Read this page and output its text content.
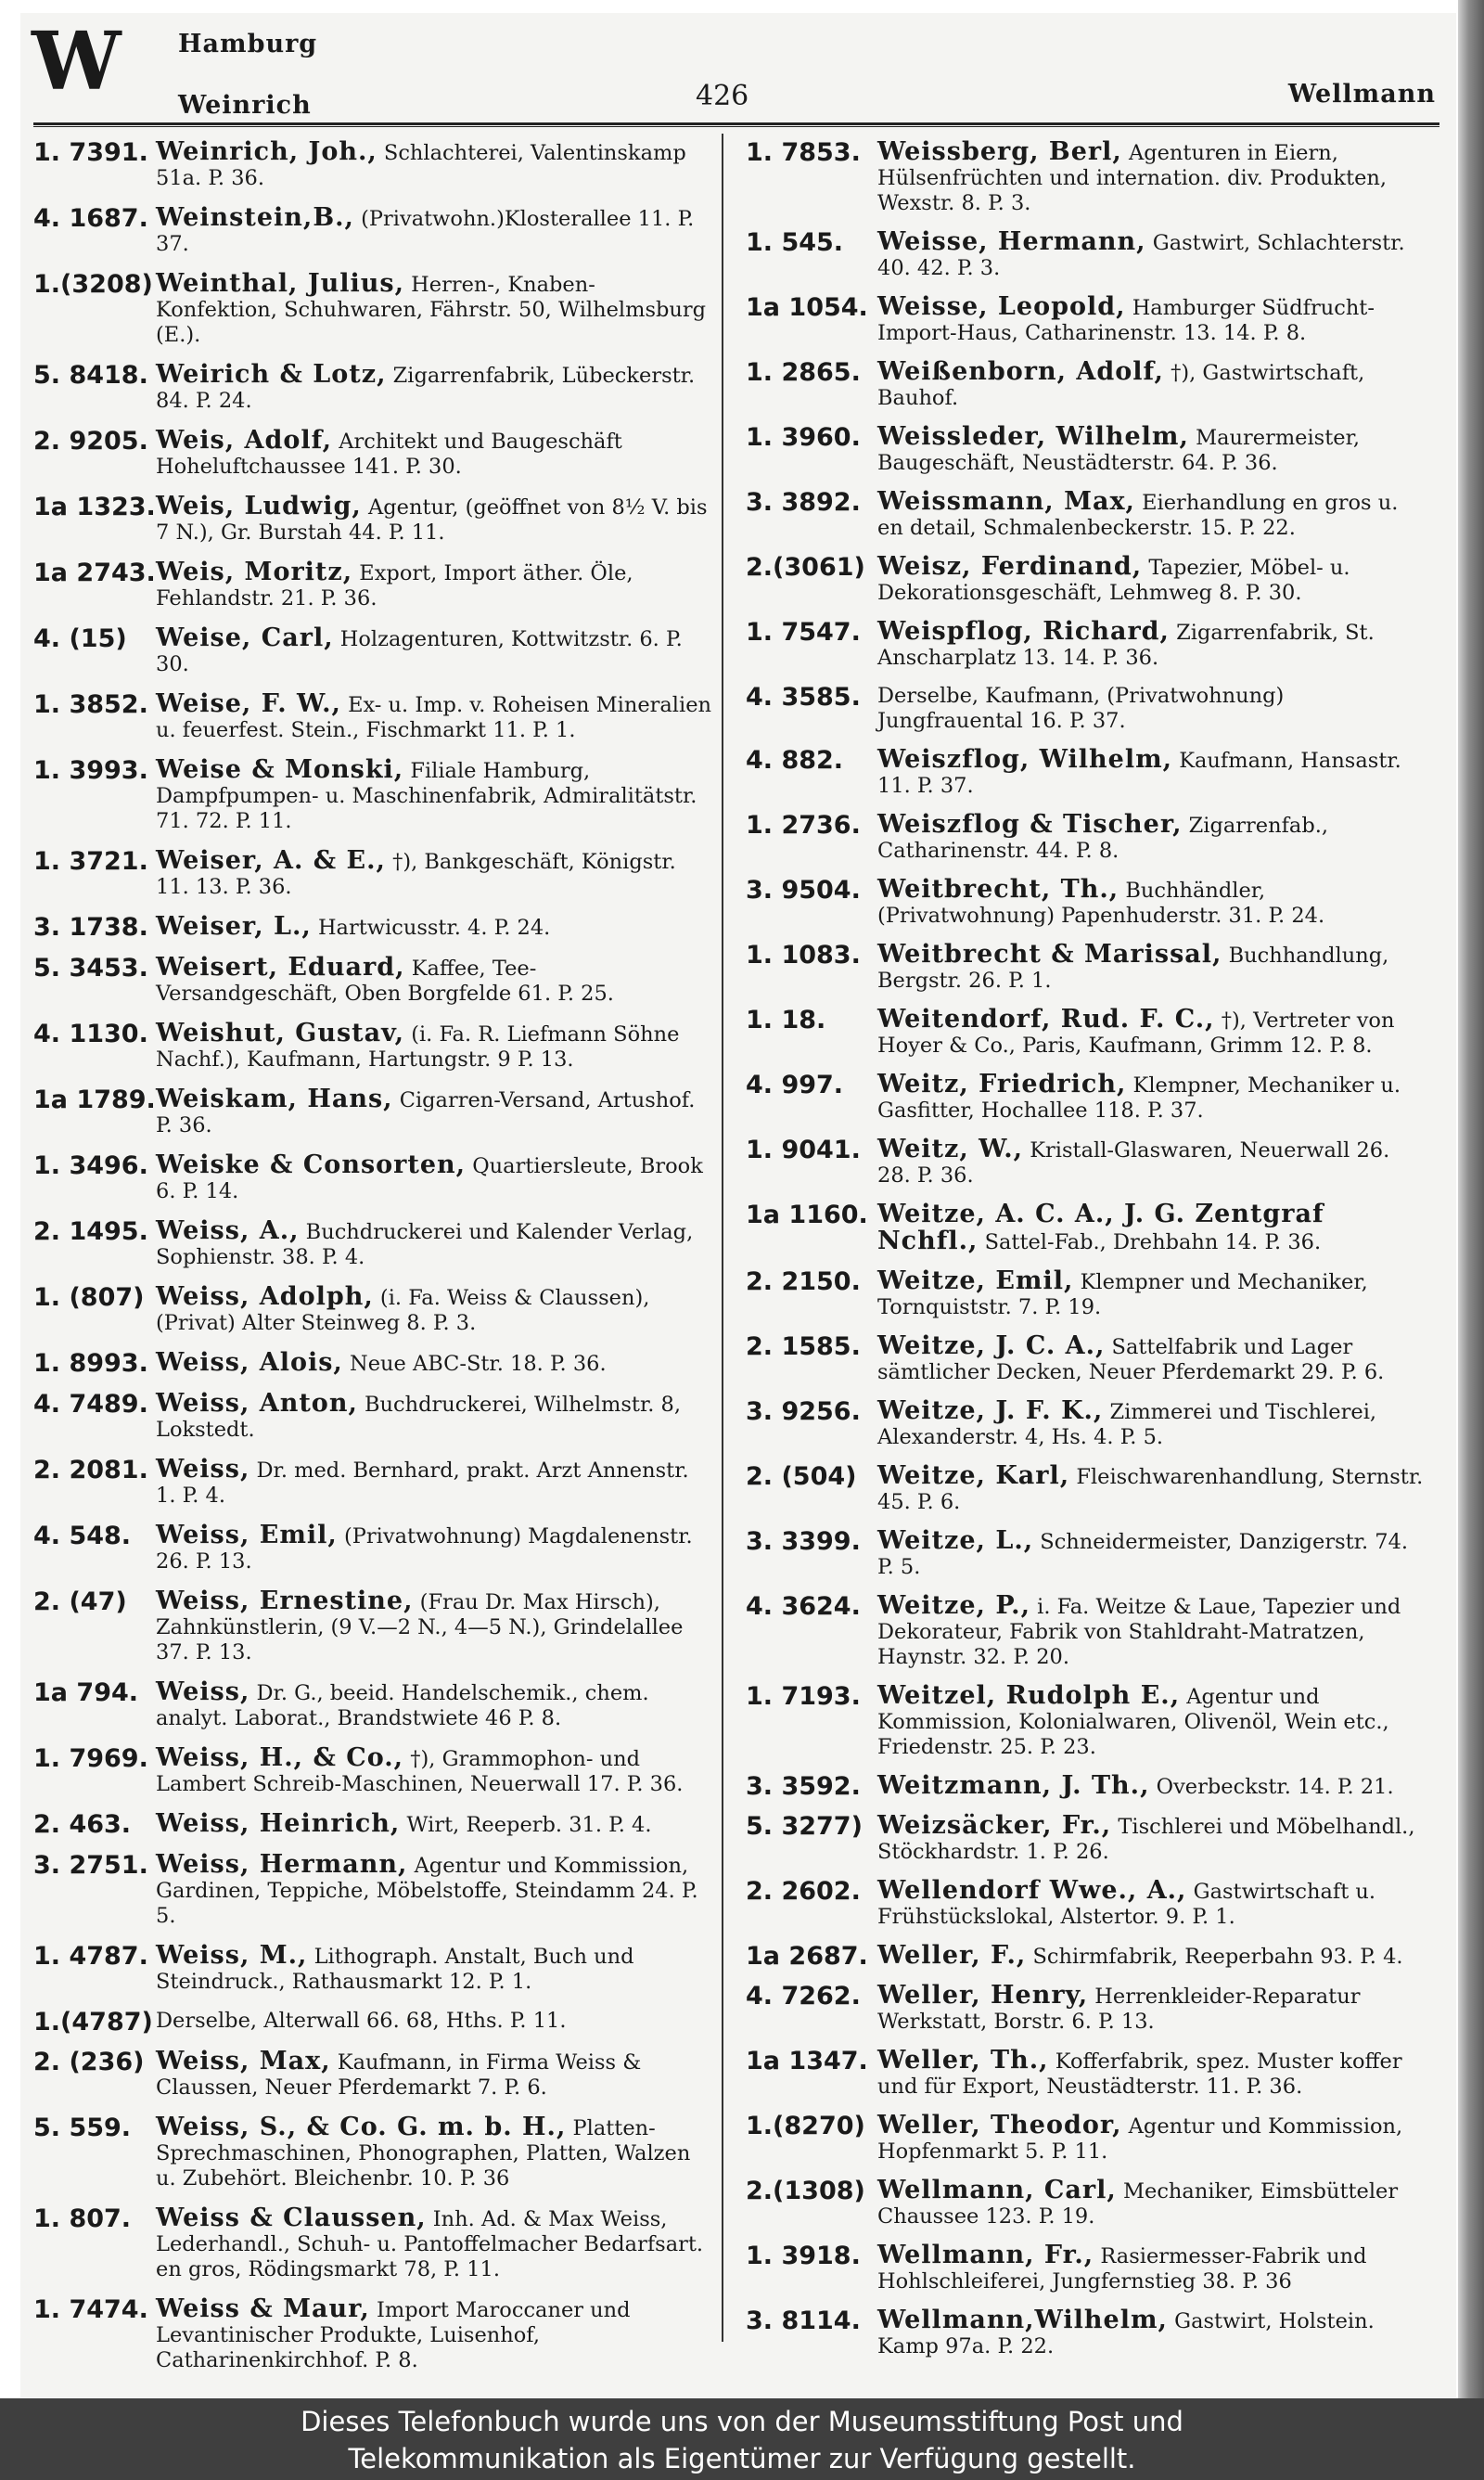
W Hamburg
Weinrich	426	Wellmann
1. 7391. Weinrich, Joh., Schlachterei, Valentinskamp 51a. P. 36.
4. 1687. Weinstein,B., (Privatwohn.)Klosterallee 11. P. 37.
1.(3208) Weinthal, Julius, Herren-, Knaben-Konfektion, Schuhwaren, Fährstr. 50, Wilhelmsburg (E.).
5. 8418. Weirich & Lotz, Zigarrenfabrik, Lübeckerstr. 84. P. 24.
2. 9205. Weis, Adolf, Architekt und Baugeschäft Hoheluftchaussee 141. P. 30.
1a 1323. Weis, Ludwig, Agentur, (geöffnet von 8½ V. bis 7 N.), Gr. Burstah 44. P. 11.
1a 2743. Weis, Moritz, Export, Import äther. Öle, Fehlandstr. 21. P. 36.
4. (15)	Weise, Carl, Holzagenturen, Kottwitzstr. 6. P. 30.
1. 3852. Weise, F. W., Ex- u. Imp. v. Roheisen Mineralien u. feuerfest. Stein., Fischmarkt 11. P. 1.
1. 3993. Weise & Monski, Filiale Hamburg, Dampfpumpen- u. Maschinenfabrik, Admiralitätstr. 71. 72. P. 11.
1. 3721. Weiser, A. & E., †), Bankgeschäft, Königstr. 11. 13. P. 36.
3. 1738. Weiser, L., Hartwicusstr. 4. P. 24.
5. 3453. Weisert, Eduard, Kaffee, Tee-Versandgeschäft, Oben Borgfelde 61. P. 25.
4. 1130. Weishut, Gustav, (i. Fa. R. Liefmann Söhne Nachf.), Kaufmann, Hartungstr. 9 P. 13.
1a 1789. Weiskam, Hans, Cigarren-Versand, Artushof. P. 36.
1. 3496. Weiske & Consorten, Quartiersleute, Brook 6. P. 14.
2. 1495. Weiss, A., Buchdruckerei und Kalender Verlag, Sophienstr. 38. P. 4.
1. (807) Weiss, Adolph, (i. Fa. Weiss & Claussen), (Privat) Alter Steinweg 8. P. 3.
1. 8993. Weiss, Alois, Neue ABC-Str. 18. P. 36.
4. 7489. Weiss, Anton, Buchdruckerei, Wilhelmstr. 8, Lokstedt.
2. 2081. Weiss, Dr. med. Bernhard, prakt. Arzt Annenstr. 1. P. 4.
4. 548. Weiss, Emil, (Privatwohnung) Magdalenenstr. 26. P. 13.
2. (47)	Weiss, Ernestine, (Frau Dr. Max Hirsch), Zahnkünstlerin, (9 V.—2 N., 4—5 N.), Grindelallee 37. P. 13.
1a 794. Weiss, Dr. G., beeid. Handelschemik., chem. analyt. Laborat., Brandstwiete 46 P. 8.
1. 7969. Weiss, H., & Co., †), Grammophon- und Lambert Schreib-Maschinen, Neuerwall 17. P. 36.
2. 463. Weiss, Heinrich, Wirt, Reeperb. 31. P. 4.
3. 2751. Weiss, Hermann, Agentur und Kommission, Gardinen, Teppiche, Möbelstoffe, Steindamm 24. P. 5.
1. 4787. Weiss, M., Lithograph. Anstalt, Buch und Steindruck., Rathausmarkt 12. P. 1.
1.(4787) Derselbe, Alterwall 66. 68, Hths. P. 11.
2. (236) Weiss, Max, Kaufmann, in Firma Weiss & Claussen, Neuer Pferdemarkt 7. P. 6.
5. 559. Weiss, S., & Co. G. m. b. H., Platten-Sprechmaschinen, Phonographen, Platten, Walzen u. Zubehört. Bleichenbr. 10. P. 36
1. 807. Weiss & Claussen, Inh. Ad. & Max Weiss, Lederhandl., Schuh- u. Pantoffelmacher Bedarfsart. en gros, Rödingsmarkt 78, P. 11.
1. 7474. Weiss & Maur, Import Maroccaner und Levantinischer Produkte, Luisenhof, Catharinenkirchhof. P. 8.
1. 7853. Weissberg, Berl, Agenturen in Eiern, Hülsenfrüchten und internation. div. Produkten, Wexstr. 8. P. 3.
1. 545.	Weisse, Hermann, Gastwirt, Schlachterstr. 40. 42. P. 3.
1a 1054. Weisse, Leopold, Hamburger Südfrucht-Import-Haus, Catharinenstr. 13. 14. P. 8.
1. 2865. Weißenborn, Adolf, †), Gastwirtschaft, Bauhof.
1. 3960. Weissleder, Wilhelm, Maurermeister, Baugeschäft, Neustädterstr. 64. P. 36.
3. 3892. Weissmann, Max, Eierhandlung en gros u. en detail, Schmalenbeckerstr. 15. P. 22.
2.(3061) Weisz, Ferdinand, Tapezier, Möbel- u. Dekorationsgeschäft, Lehmweg 8. P. 30.
1. 7547. Weispflog, Richard, Zigarrenfabrik, St. Anscharplatz 13. 14. P. 36.
4. 3585. Derselbe, Kaufmann, (Privatwohnung) Jungfrauental 16. P. 37.
4. 882.	Weiszflog, Wilhelm, Kaufmann, Hansastr. 11. P. 37.
1. 2736. Weiszflog & Tischer, Zigarrenfab., Catharinenstr. 44. P. 8.
3. 9504. Weitbrecht, Th., Buchhändler, (Privatwohnung) Papenhuderstr. 31. P. 24.
1. 1083. Weitbrecht & Marissal, Buchhandlung, Bergstr. 26. P. 1.
1. 18.	Weitendorf, Rud. F. C., †), Vertreter von Hoyer & Co., Paris, Kaufmann, Grimm 12. P. 8.
4. 997.	Weitz, Friedrich, Klempner, Mechaniker u. Gasfitter, Hochallee 118. P. 37.
1. 9041. Weitz, W., Kristall-Glaswaren, Neuerwall 26. 28. P. 36.
1a 1160. Weitze, A. C. A., J. G. Zentgraf Nchfl., Sattel-Fab., Drehbahn 14. P. 36.
2. 2150. Weitze, Emil, Klempner und Mechaniker, Tornquiststr. 7. P. 19.
2. 1585. Weitze, J. C. A., Sattelfabrik und Lager sämtlicher Decken, Neuer Pferdemarkt 29. P. 6.
3. 9256. Weitze, J. F. K., Zimmerei und Tischlerei, Alexanderstr. 4, Hs. 4. P. 5.
2. (504) Weitze, Karl, Fleischwarenhandlung, Sternstr. 45. P. 6.
3. 3399. Weitze, L., Schneidermeister, Danzigerstr. 74. P. 5.
4. 3624. Weitze, P., i. Fa. Weitze & Laue, Tapezier und Dekorateur, Fabrik von Stahldraht-Matratzen, Haynstr. 32. P. 20.
1. 7193. Weitzel, Rudolph E., Agentur und Kommission, Kolonialwaren, Olivenöl, Wein etc., Friedenstr. 25. P. 23.
3. 3592. Weitzmann, J. Th., Overbeckstr. 14. P. 21.
5. 3277) Weizsäcker, Fr., Tischlerei und Möbelhandl., Stöckhardstr. 1. P. 26.
2. 2602. Wellendorf Wwe., A., Gastwirtschaft u. Frühstückslokal, Alstertor. 9. P. 1.
1a 2687. Weller, F., Schirmfabrik, Reeperbahn 93. P. 4.
4. 7262. Weller, Henry, Herrenkleider-Reparatur Werkstatt, Borstr. 6. P. 13.
1a 1347. Weller, Th., Kofferfabrik, spez. Muster koffer und für Export, Neustädterstr. 11. P. 36.
1.(8270) Weller, Theodor, Agentur und Kommission, Hopfenmarkt 5. P. 11.
2.(1308) Wellmann, Carl, Mechaniker, Eimsbütteler Chaussee 123. P. 19.
1. 3918. Wellmann, Fr., Rasiermesser-Fabrik und Hohlschleiferei, Jungfernstieg 38. P. 36
3. 8114. Wellmann,Wilhelm, Gastwirt, Holstein. Kamp 97a. P. 22.
Dieses Telefonbuch wurde uns von der Museumsstiftung Post und
Telekommunikation als Eigentümer zur Verfügung gestellt.
